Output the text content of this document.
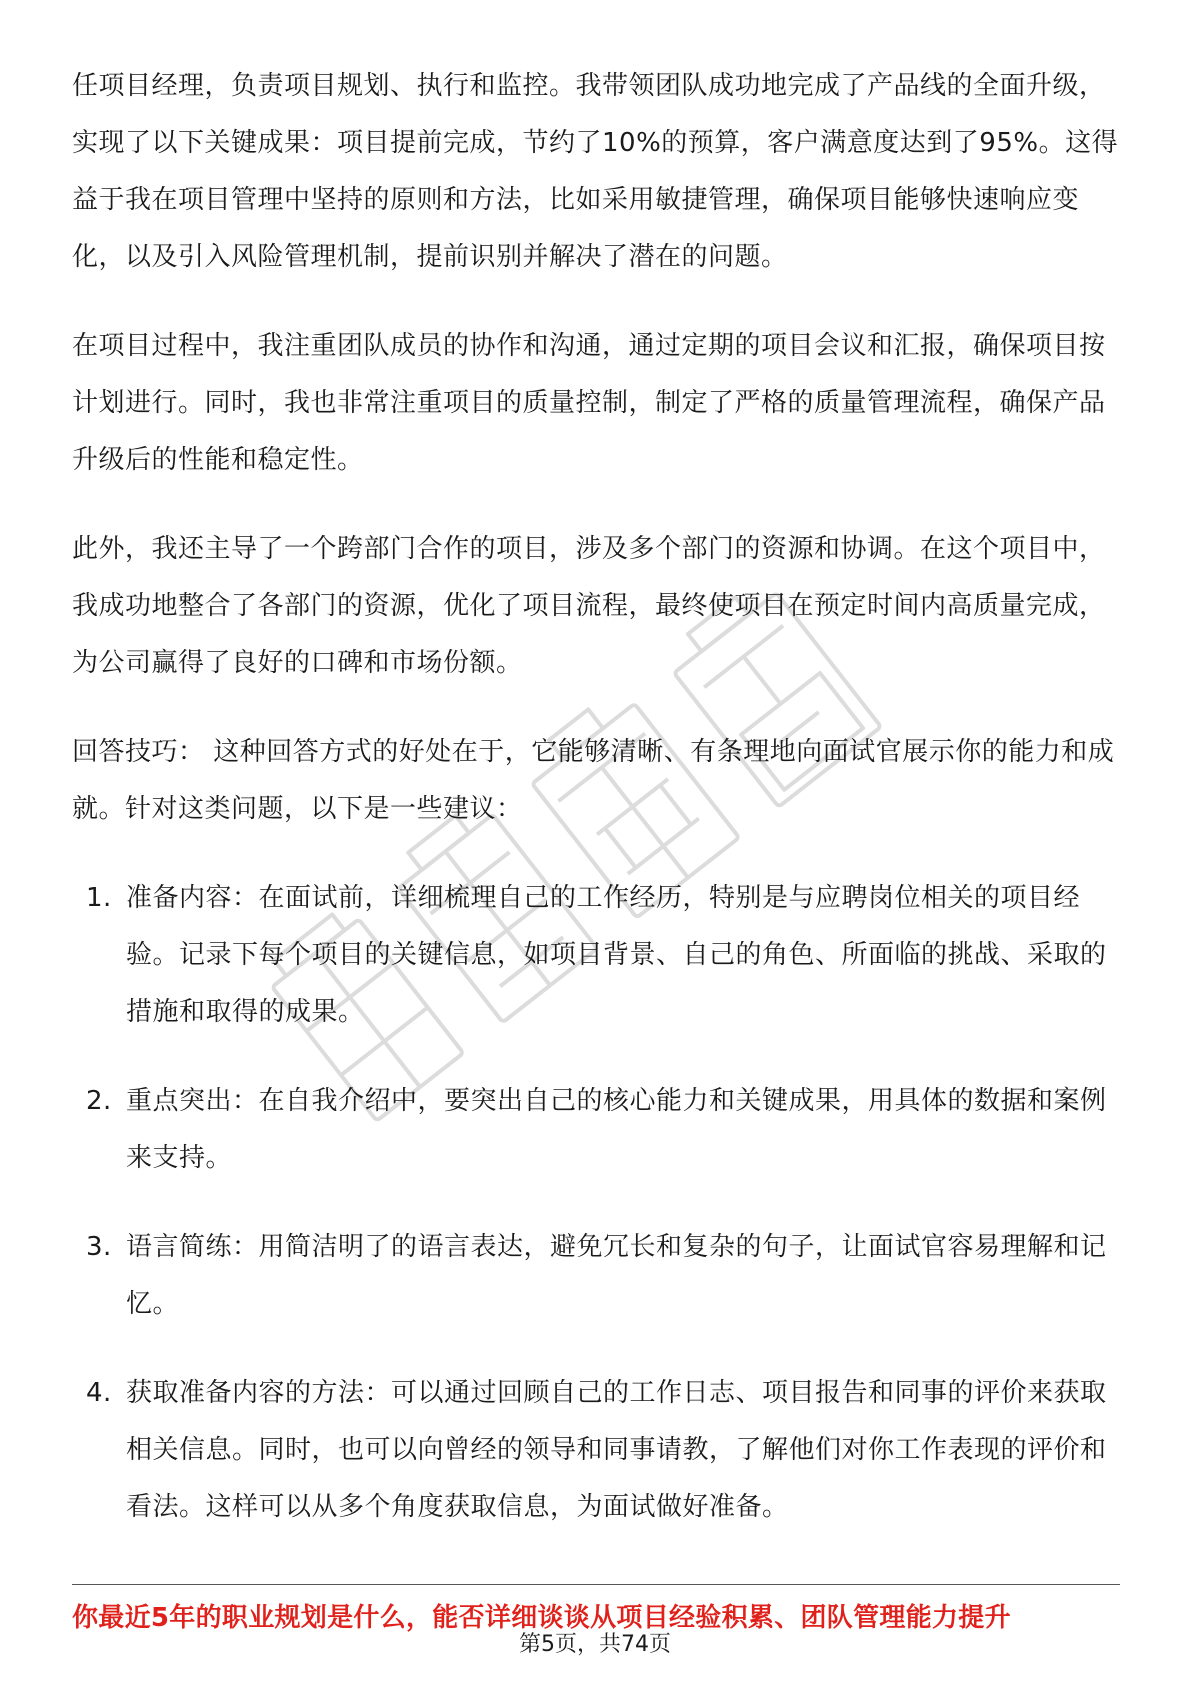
任项目经理，负责项目规划、执行和监控。我带领团队成功地完成了产品线的全面升级，实现了以下关键成果：项目提前完成，节约了10%的预算，客户满意度达到了95%。这得益于我在项目管理中坚持的原则和方法，比如采用敏捷管理，确保项目能够快速响应变化，以及引入风险管理机制，提前识别并解决了潜在的问题。

在项目过程中，我注重团队成员的协作和沟通，通过定期的项目会议和汇报，确保项目按计划进行。同时，我也非常注重项目的质量控制，制定了严格的质量管理流程，确保产品升级后的性能和稳定性。

此外，我还主导了一个跨部门合作的项目，涉及多个部门的资源和协调。在这个项目中，我成功地整合了各部门的资源，优化了项目流程，最终使项目在预定时间内高质量完成，为公司赢得了良好的口碑和市场份额。

回答技巧： 这种回答方式的好处在于，它能够清晰、有条理地向面试官展示你的能力和成就。针对这类问题，以下是一些建议：

1. 准备内容：在面试前，详细梳理自己的工作经历，特别是与应聘岗位相关的项目经验。记录下每个项目的关键信息，如项目背景、自己的角色、所面临的挑战、采取的措施和取得的成果。
2. 重点突出：在自我介绍中，要突出自己的核心能力和关键成果，用具体的数据和案例来支持。
3. 语言简练：用简洁明了的语言表达，避免冗长和复杂的句子，让面试官容易理解和记忆。
4. 获取准备内容的方法：可以通过回顾自己的工作日志、项目报告和同事的评价来获取相关信息。同时，也可以向曾经的领导和同事请教，了解他们对你工作表现的评价和看法。这样可以从多个角度获取信息，为面试做好准备。
你最近5年的职业规划是什么，能否详细谈谈从项目经验积累、团队管理能力提升
第5页，共74页
